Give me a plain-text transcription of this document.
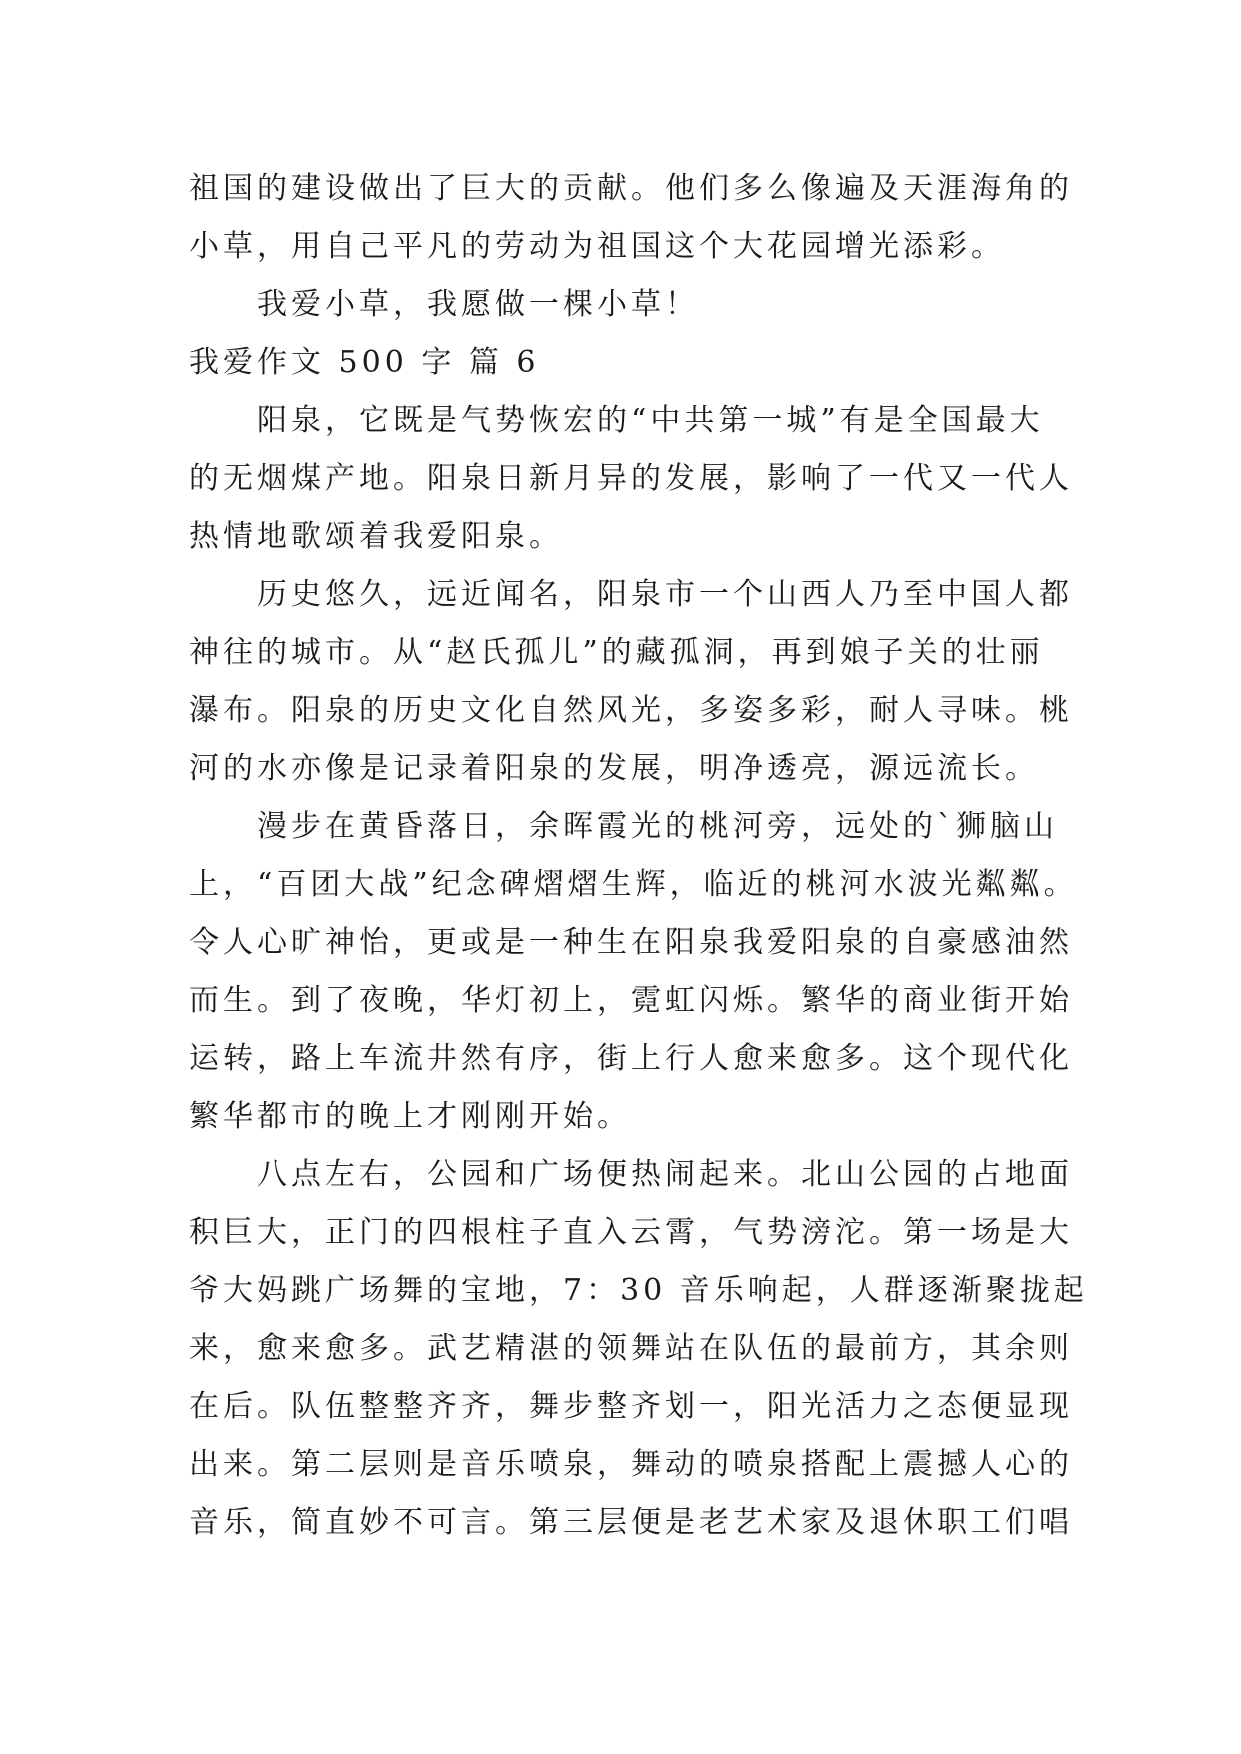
祖国的建设做出了巨大的贡献。他们多么像遍及天涯海角的
小草，用自己平凡的劳动为祖国这个大花园增光添彩。
　　我爱小草，我愿做一棵小草！
我爱作文 500 字 篇 6
　　阳泉，它既是气势恢宏的“中共第一城”有是全国最大
的无烟煤产地。阳泉日新月异的发展，影响了一代又一代人
热情地歌颂着我爱阳泉。
　　历史悠久，远近闻名，阳泉市一个山西人乃至中国人都
神往的城市。从“赵氏孤儿”的藏孤洞，再到娘子关的壮丽
瀑布。阳泉的历史文化自然风光，多姿多彩，耐人寻味。桃
河的水亦像是记录着阳泉的发展，明净透亮，源远流长。
　　漫步在黄昏落日，余晖霞光的桃河旁，远处的`狮脑山
上，“百团大战”纪念碑熠熠生辉，临近的桃河水波光粼粼。
令人心旷神怡，更或是一种生在阳泉我爱阳泉的自豪感油然
而生。到了夜晚，华灯初上，霓虹闪烁。繁华的商业街开始
运转，路上车流井然有序，街上行人愈来愈多。这个现代化
繁华都市的晚上才刚刚开始。
　　八点左右，公园和广场便热闹起来。北山公园的占地面
积巨大，正门的四根柱子直入云霄，气势滂沱。第一场是大
爷大妈跳广场舞的宝地，7：30 音乐响起，人群逐渐聚拢起
来，愈来愈多。武艺精湛的领舞站在队伍的最前方，其余则
在后。队伍整整齐齐，舞步整齐划一，阳光活力之态便显现
出来。第二层则是音乐喷泉，舞动的喷泉搭配上震撼人心的
音乐，简直妙不可言。第三层便是老艺术家及退休职工们唱
